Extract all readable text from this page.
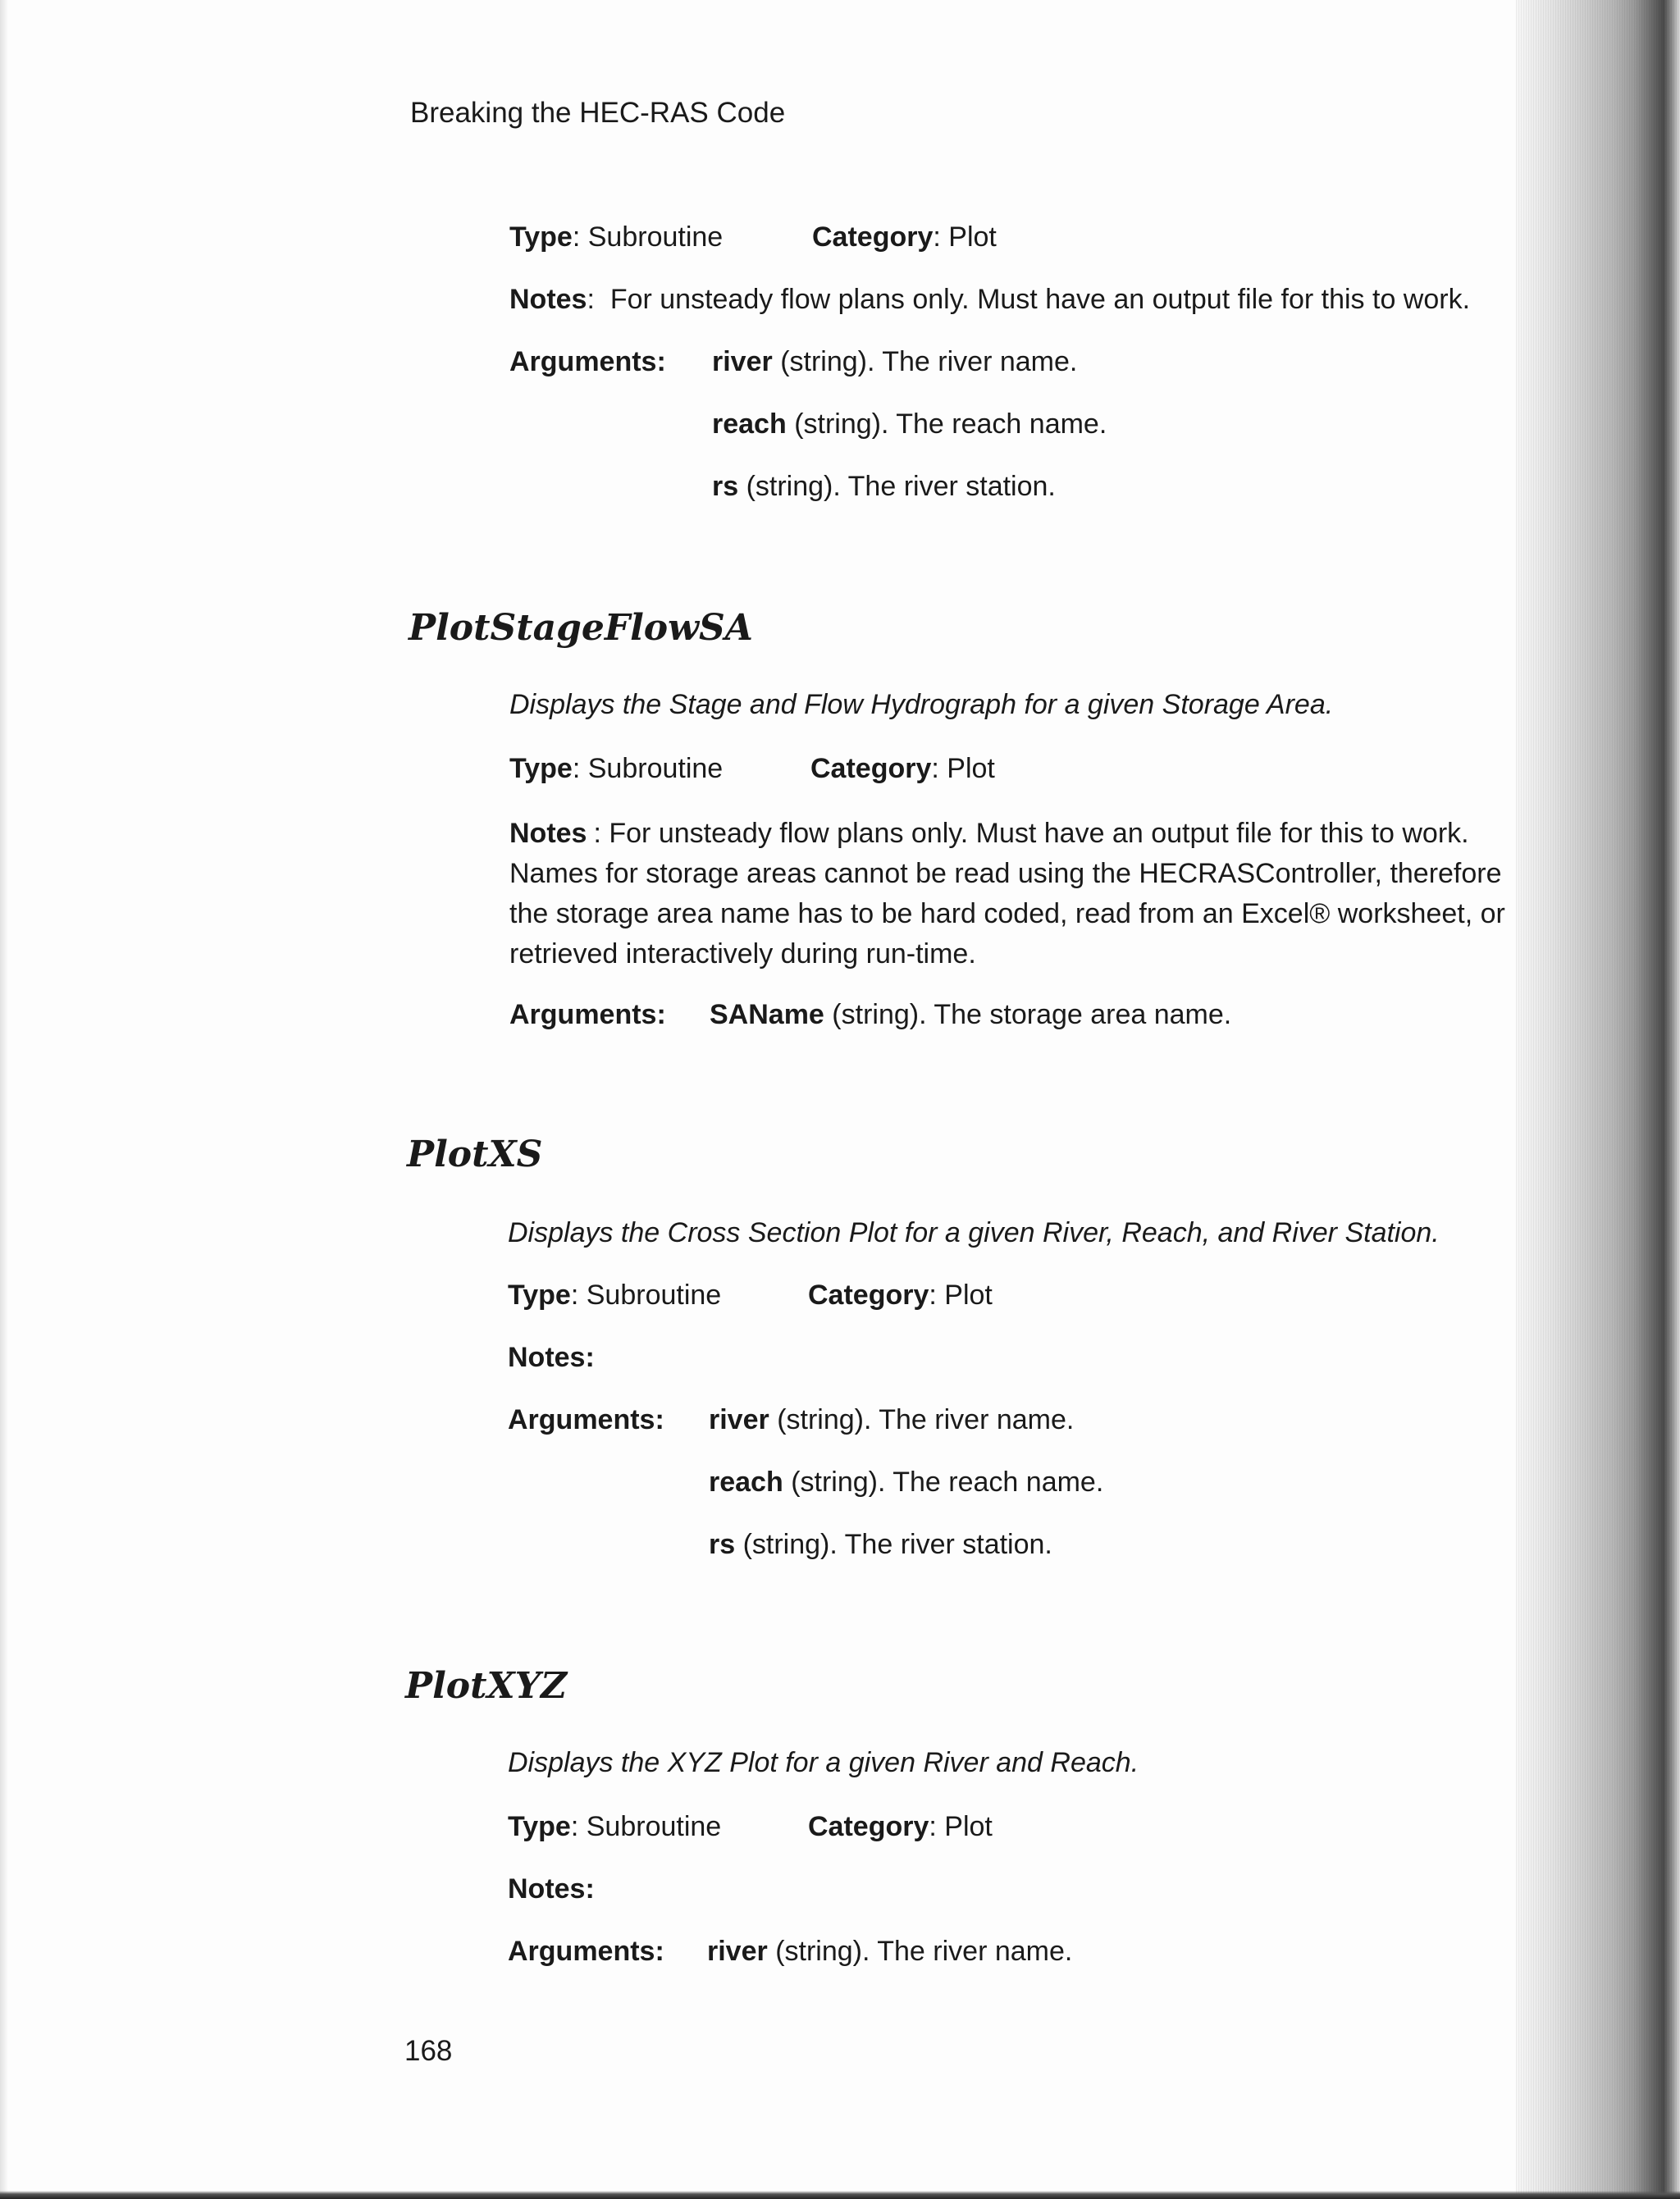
Breaking the HEC-RAS Code
Type: Subroutine	Category: Plot
Notes:  For unsteady flow plans only. Must have an output file for this to work.
Arguments: river (string). The river name.
reach (string). The reach name.
rs (string). The river station.
PlotStageFlowSA
Displays the Stage and Flow Hydrograph for a given Storage Area.
Type: Subroutine	Category: Plot
Notes : For unsteady flow plans only. Must have an output file for this to work. Names for storage areas cannot be read using the HECRASController, therefore the storage area name has to be hard coded, read from an Excel® worksheet, or retrieved interactively during run-time.
Arguments: SAName (string). The storage area name.
PlotXS
Displays the Cross Section Plot for a given River, Reach, and River Station.
Type: Subroutine	Category: Plot
Notes:
Arguments: river (string). The river name.
reach (string). The reach name.
rs (string). The river station.
PlotXYZ
Displays the XYZ Plot for a given River and Reach.
Type: Subroutine	Category: Plot
Notes:
Arguments: river (string). The river name.
168
